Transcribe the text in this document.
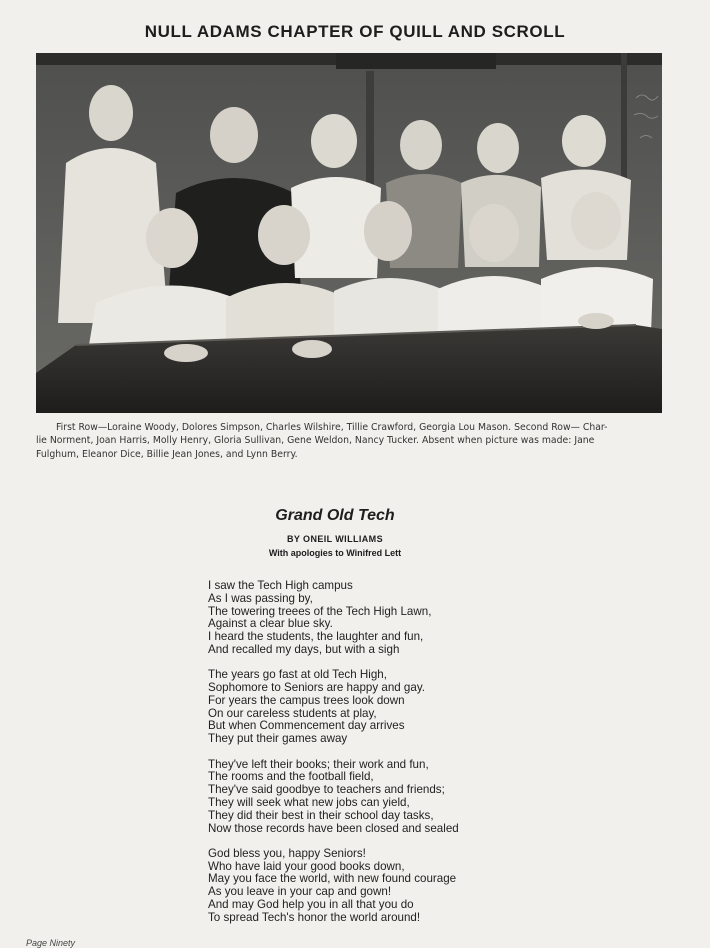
NULL ADAMS CHAPTER OF QUILL AND SCROLL
First Row—Loraine Woody, Dolores Simpson, Charles Wilshire, Tillie Crawford, Georgia Lou Mason. Second Row— Char-
lie Norment, Joan Harris, Molly Henry, Gloria Sullivan, Gene Weldon, Nancy Tucker. Absent when picture was made: Jane
Fulghum, Eleanor Dice, Billie Jean Jones, and Lynn Berry.
Grand Old Tech
BY ONEIL WILLIAMS
With apologies to Winifred Lett
I saw the Tech High campus
As I was passing by,
The towering treees of the Tech High Lawn,
Against a clear blue sky.
I heard the students, the laughter and fun,
And recalled my days, but with a sigh
The years go fast at old Tech High,
Sophomore to Seniors are happy and gay.
For years the campus trees look down
On our careless students at play,
But when Commencement day arrives
They put their games away
They've left their books; their work and fun,
The rooms and the football field,
They've said goodbye to teachers and friends;
They will seek what new jobs can yield,
They did their best in their school day tasks,
Now those records have been closed and sealed
God bless you, happy Seniors!
Who have laid your good books down,
May you face the world, with new found courage
As you leave in your cap and gown!
And may God help you in all that you do
To spread Tech's honor the world around!
Page Ninety
